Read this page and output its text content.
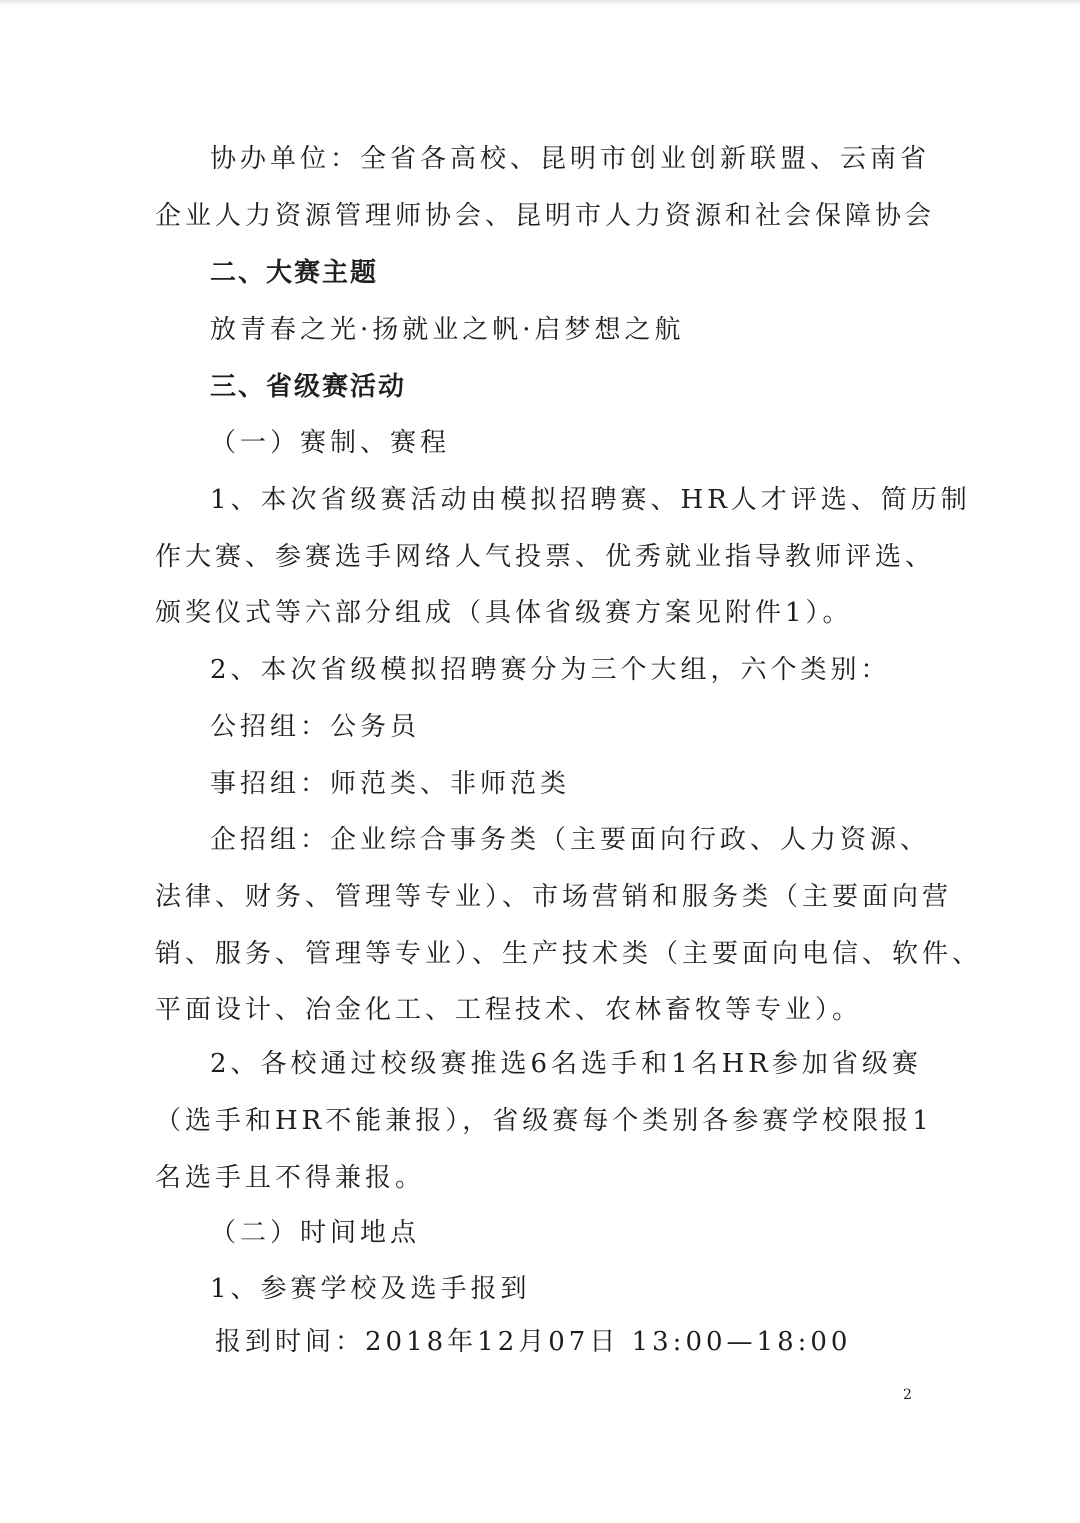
协办单位：全省各高校、昆明市创业创新联盟、云南省
企业人力资源管理师协会、昆明市人力资源和社会保障协会
二、大赛主题
放青春之光·扬就业之帆·启梦想之航
三、省级赛活动
（一）赛制、赛程
1、本次省级赛活动由模拟招聘赛、HR人才评选、简历制
作大赛、参赛选手网络人气投票、优秀就业指导教师评选、
颁奖仪式等六部分组成（具体省级赛方案见附件1）。
2、本次省级模拟招聘赛分为三个大组，六个类别：
公招组：公务员
事招组：师范类、非师范类
企招组：企业综合事务类（主要面向行政、人力资源、
法律、财务、管理等专业）、市场营销和服务类（主要面向营
销、服务、管理等专业）、生产技术类（主要面向电信、软件、
平面设计、冶金化工、工程技术、农林畜牧等专业）。
2、各校通过校级赛推选6名选手和1名HR参加省级赛
（选手和HR不能兼报），省级赛每个类别各参赛学校限报1
名选手且不得兼报。
（二）时间地点
1、参赛学校及选手报到
报到时间：2018年12月07日 13:00—18:00
2
